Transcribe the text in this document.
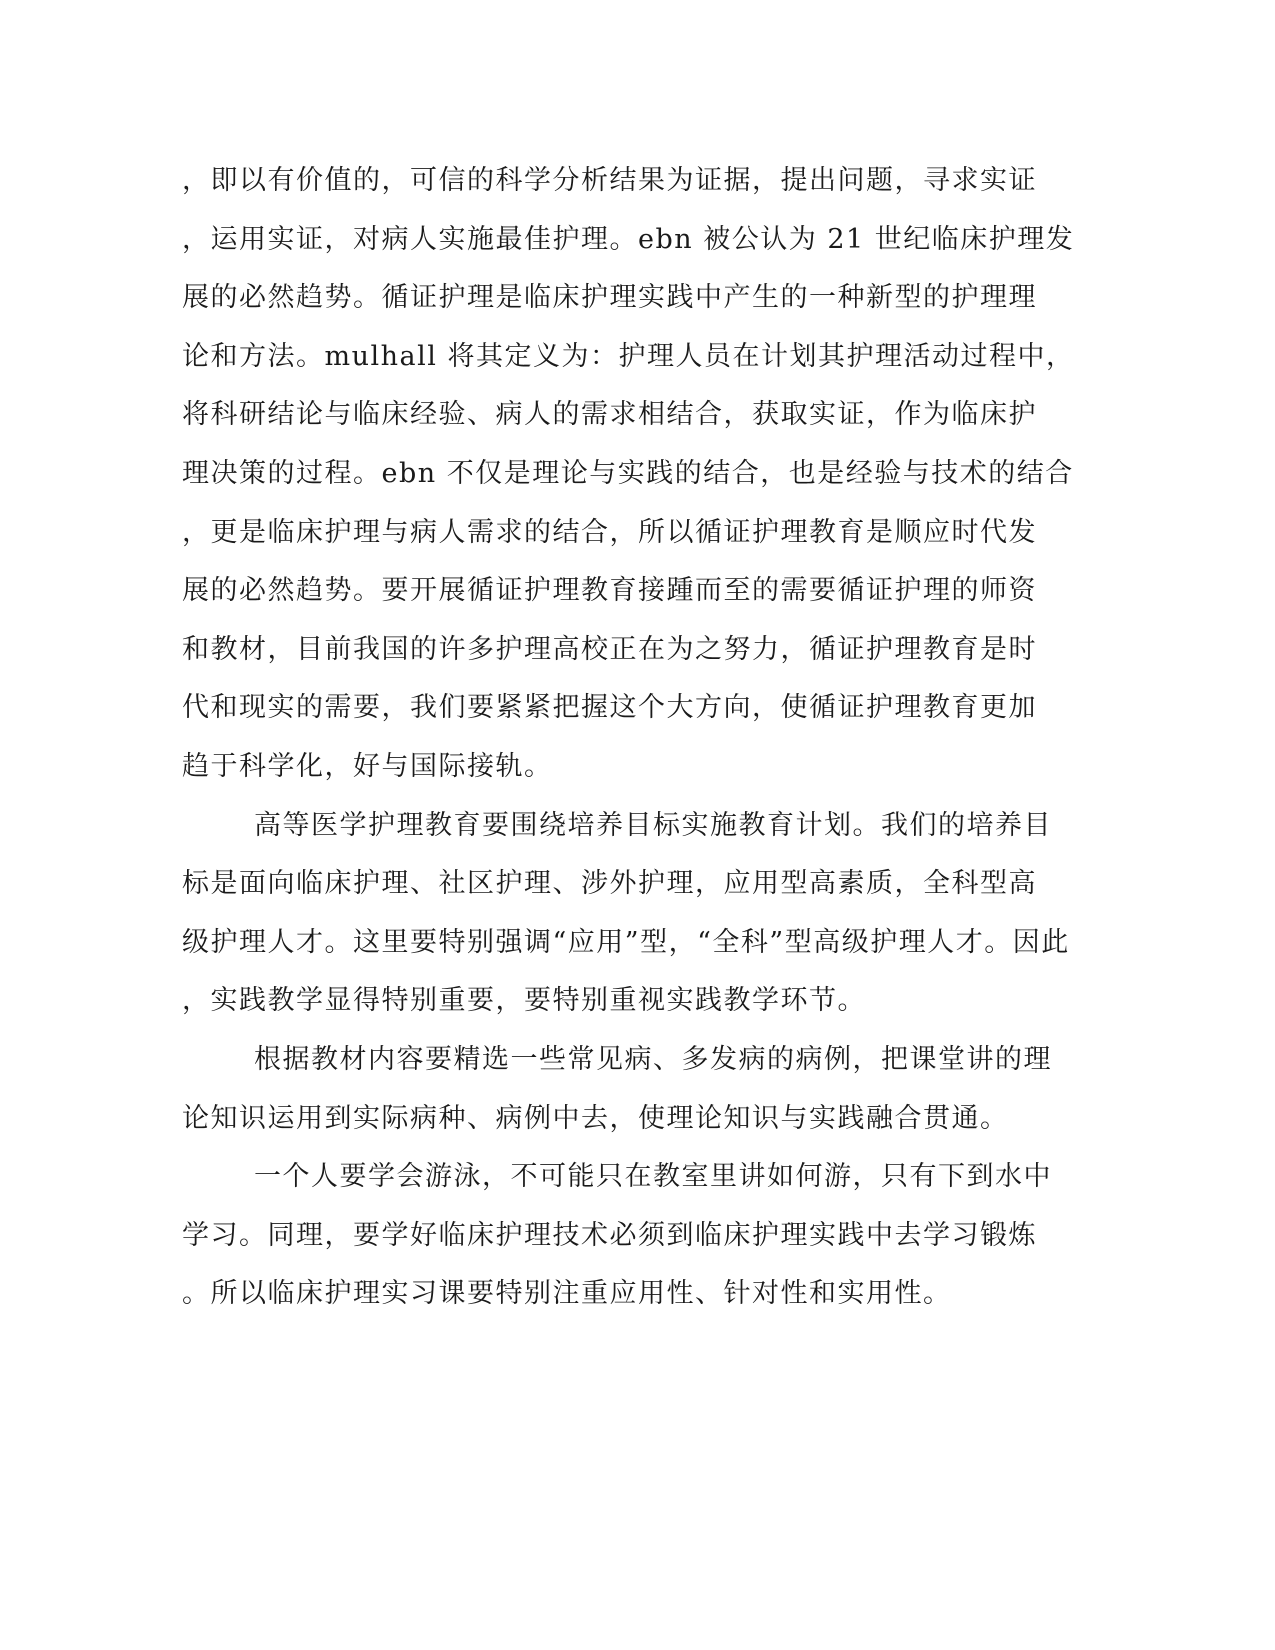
，即以有价值的，可信的科学分析结果为证据，提出问题，寻求实证
，运用实证，对病人实施最佳护理。ebn 被公认为 21 世纪临床护理发
展的必然趋势。循证护理是临床护理实践中产生的一种新型的护理理
论和方法。mulhall 将其定义为：护理人员在计划其护理活动过程中，
将科研结论与临床经验、病人的需求相结合，获取实证，作为临床护
理决策的过程。ebn 不仅是理论与实践的结合，也是经验与技术的结合
，更是临床护理与病人需求的结合，所以循证护理教育是顺应时代发
展的必然趋势。要开展循证护理教育接踵而至的需要循证护理的师资
和教材，目前我国的许多护理高校正在为之努力，循证护理教育是时
代和现实的需要，我们要紧紧把握这个大方向，使循证护理教育更加
趋于科学化，好与国际接轨。
高等医学护理教育要围绕培养目标实施教育计划。我们的培养目
标是面向临床护理、社区护理、涉外护理，应用型高素质，全科型高
级护理人才。这里要特别强调“应用”型，“全科”型高级护理人才。因此
，实践教学显得特别重要，要特别重视实践教学环节。
根据教材内容要精选一些常见病、多发病的病例，把课堂讲的理
论知识运用到实际病种、病例中去，使理论知识与实践融合贯通。
一个人要学会游泳，不可能只在教室里讲如何游，只有下到水中
学习。同理，要学好临床护理技术必须到临床护理实践中去学习锻炼
。所以临床护理实习课要特别注重应用性、针对性和实用性。
